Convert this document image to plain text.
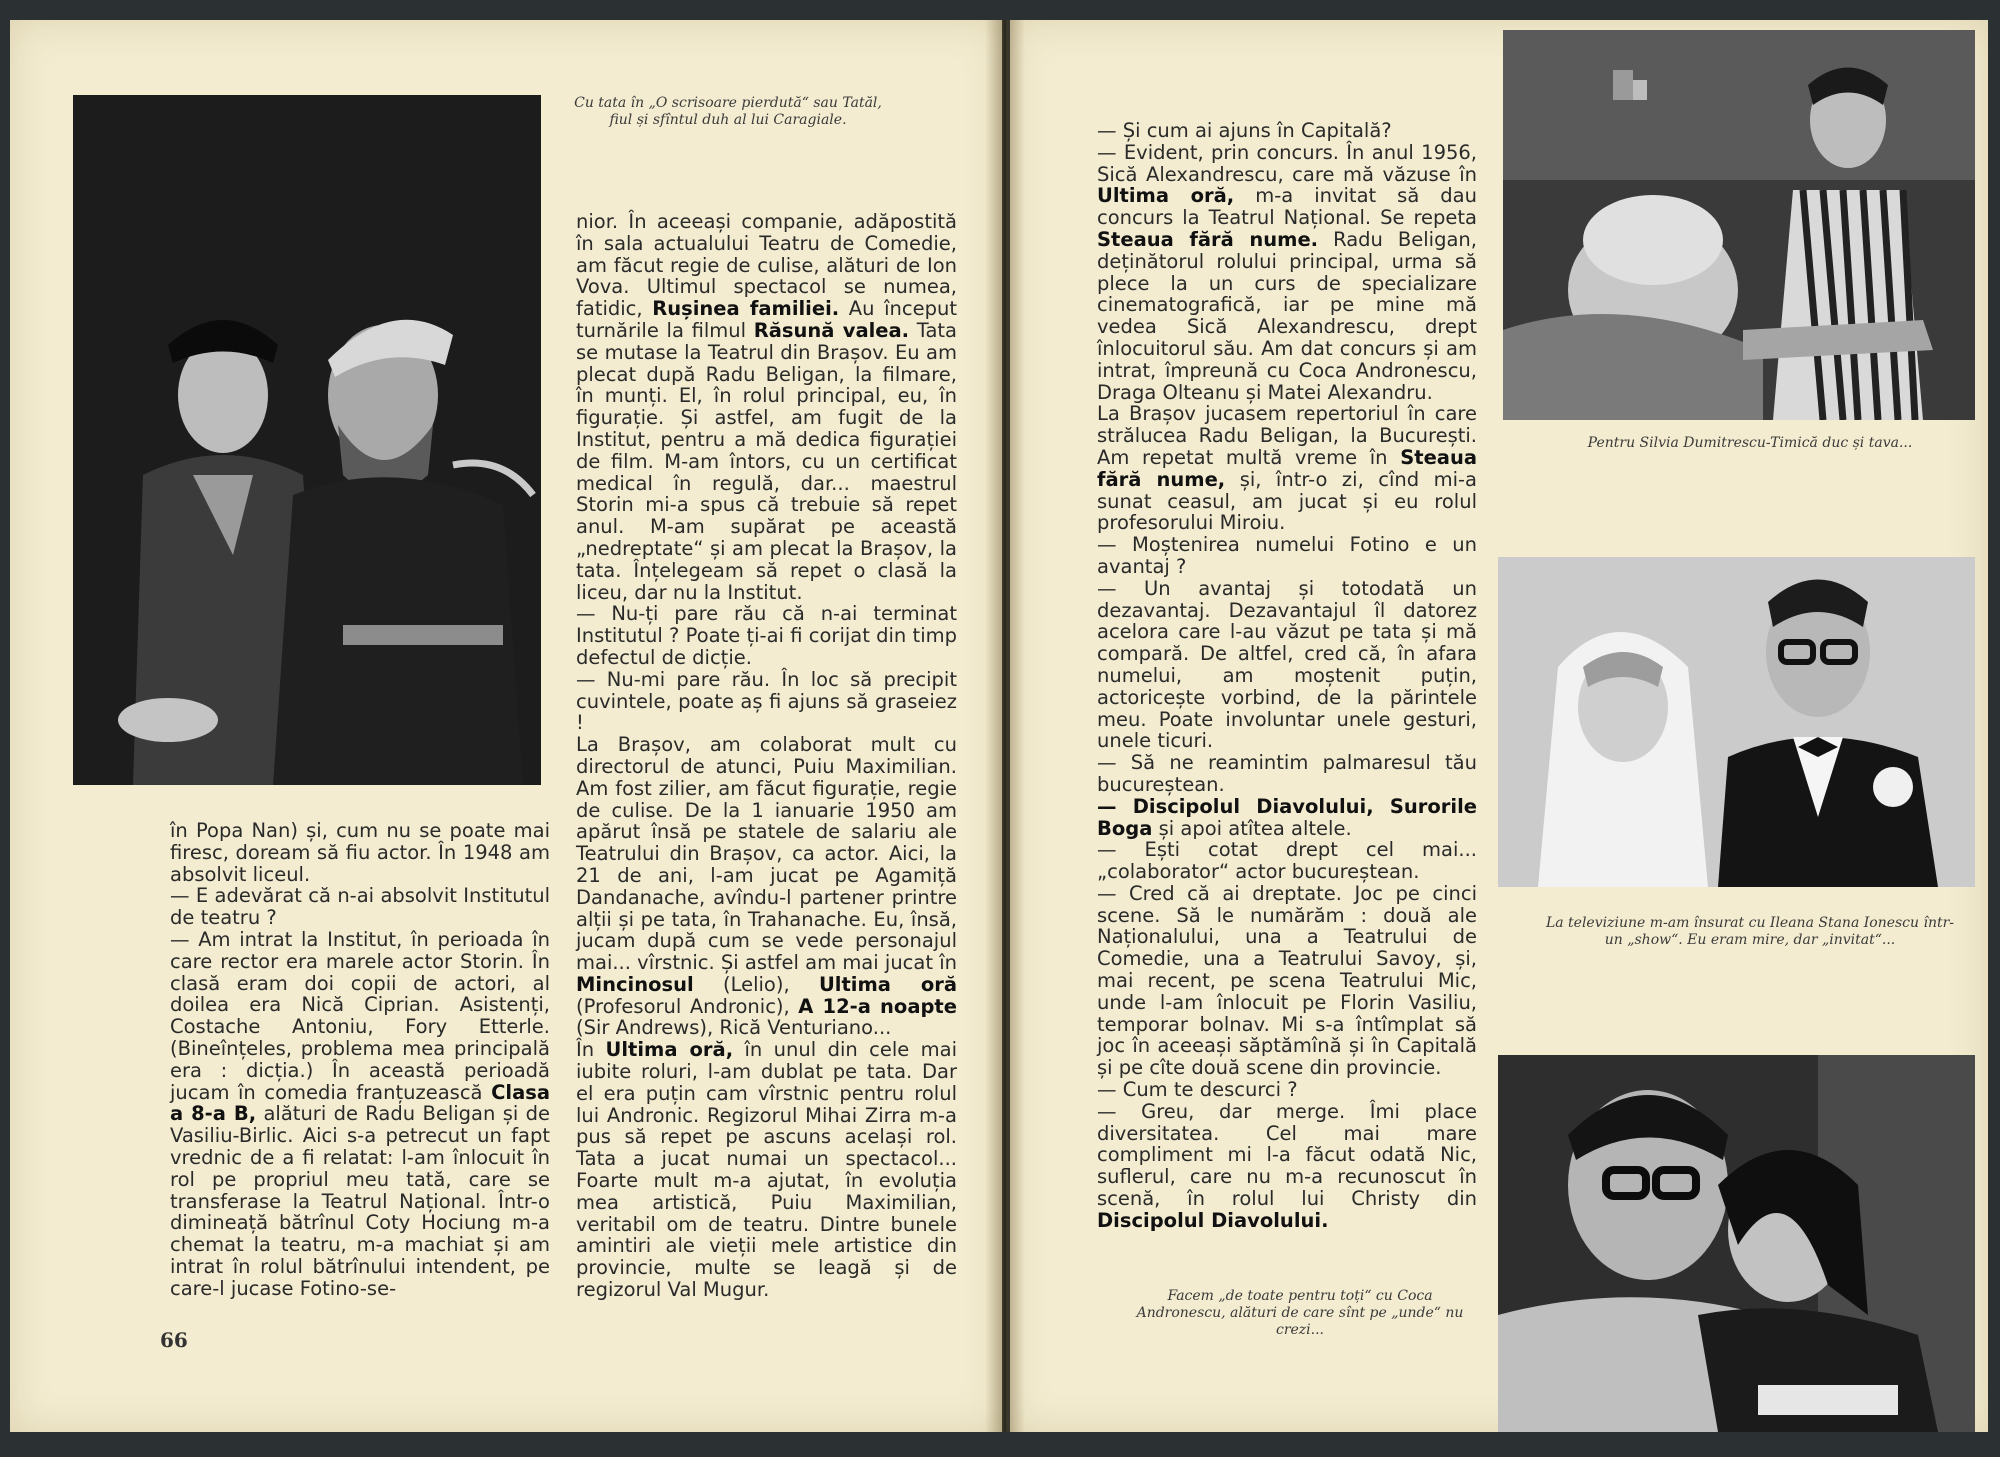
Cu tata în „O scrisoare pierdută“ sau Tatăl, fiul și sfîntul duh al lui Caragiale.

în Popa Nan) și, cum nu se poate mai firesc, doream să fiu actor. În 1948 am absolvit liceul.

— E adevărat că n-ai absolvit Institutul de teatru ?

— Am intrat la Institut, în perioada în care rector era marele actor Storin. În clasă eram doi copii de actori, al doilea era Nică Ciprian. Asistenți, Costache Antoniu, Fory Etterle. (Bineînțeles, problema mea principală era : dicția.) În această perioadă jucam în comedia franțuzească Clasa a 8-a B, alături de Radu Beligan și de Vasiliu-Birlic. Aici s-a petrecut un fapt vrednic de a fi relatat: l-am înlocuit în rol pe propriul meu tată, care se transferase la Teatrul Național. Într-o dimineață bătrînul Coty Hociung m-a chemat la teatru, m-a machiat și am intrat în rolul bătrînului intendent, pe care-l jucase Fotino-se-

nior. În aceeași companie, adăpostită în sala actualului Teatru de Comedie, am făcut regie de culise, alături de Ion Vova. Ultimul spectacol se numea, fatidic, Rușinea familiei. Au început turnările la filmul Răsună valea. Tata se mutase la Teatrul din Brașov. Eu am plecat după Radu Beligan, la filmare, în munți. El, în rolul principal, eu, în figurație. Și astfel, am fugit de la Institut, pentru a mă dedica figurației de film. M-am întors, cu un certificat medical în regulă, dar... maestrul Storin mi-a spus că trebuie să repet anul. M-am supărat pe această „nedreptate“ și am plecat la Brașov, la tata. Înțelegeam să repet o clasă la liceu, dar nu la Institut.

— Nu-ți pare rău că n-ai terminat Institutul ? Poate ți-ai fi corijat din timp defectul de dicție.

— Nu-mi pare rău. În loc să precipit cuvintele, poate aș fi ajuns să graseiez !

La Brașov, am colaborat mult cu directorul de atunci, Puiu Maximilian. Am fost zilier, am făcut figurație, regie de culise. De la 1 ianuarie 1950 am apărut însă pe statele de salariu ale Teatrului din Brașov, ca actor. Aici, la 21 de ani, l-am jucat pe Agamiță Dandanache, avîndu-l partener printre alții și pe tata, în Trahanache. Eu, însă, jucam după cum se vede personajul mai... vîrstnic. Și astfel am mai jucat în Mincinosul (Lelio), Ultima oră (Profesorul Andronic), A 12-a noapte (Sir Andrews), Rică Venturiano...

În Ultima oră, în unul din cele mai iubite roluri, l-am dublat pe tata. Dar el era puțin cam vîrstnic pentru rolul lui Andronic. Regizorul Mihai Zirra m-a pus să repet pe ascuns același rol. Tata a jucat numai un spectacol... Foarte mult m-a ajutat, în evoluția mea artistică, Puiu Maximilian, veritabil om de teatru. Dintre bunele amintiri ale vieții mele artistice din provincie, multe se leagă și de regizorul Val Mugur.

66

— Și cum ai ajuns în Capitală?

— Evident, prin concurs. În anul 1956, Sică Alexandrescu, care mă văzuse în Ultima oră, m-a invitat să dau concurs la Teatrul Național. Se repeta Steaua fără nume. Radu Beligan, deținătorul rolului principal, urma să plece la un curs de specializare cinematografică, iar pe mine mă vedea Sică Alexandrescu, drept înlocuitorul său. Am dat concurs și am intrat, împreună cu Coca Andronescu, Draga Olteanu și Matei Alexandru.

La Brașov jucasem repertoriul în care strălucea Radu Beligan, la București. Am repetat multă vreme în Steaua fără nume, și, într-o zi, cînd mi-a sunat ceasul, am jucat și eu rolul profesorului Miroiu.

— Moștenirea numelui Fotino e un avantaj ?

— Un avantaj și totodată un dezavantaj. Dezavantajul îl datorez acelora care l-au văzut pe tata și mă compară. De altfel, cred că, în afara numelui, am moștenit puțin, actoricește vorbind, de la părintele meu. Poate involuntar unele gesturi, unele ticuri.

— Să ne reamintim palmaresul tău bucureștean.

— Discipolul Diavolului, Surorile Boga și apoi atîtea altele.

— Ești cotat drept cel mai... „colaborator“ actor bucureștean.

— Cred că ai dreptate. Joc pe cinci scene. Să le numărăm : două ale Naționalului, una a Teatrului de Comedie, una a Teatrului Savoy, și, mai recent, pe scena Teatrului Mic, unde l-am înlocuit pe Florin Vasiliu, temporar bolnav. Mi s-a întîmplat să joc în aceeași săptămînă și în Capitală și pe cîte două scene din provincie.

— Cum te descurci ?

— Greu, dar merge. Îmi place diversitatea. Cel mai mare compliment mi l-a făcut odată Nic, suflerul, care nu m-a recunoscut în scenă, în rolul lui Christy din Discipolul Diavolului.

Pentru Silvia Dumitrescu-Timică duc și tava...
La televiziune m-am însurat cu Ileana Stana Ionescu într-un „show“. Eu eram mire, dar „invitat“...
Facem „de toate pentru toți“ cu Coca Andronescu, alături de care sînt pe „unde“ nu crezi...
